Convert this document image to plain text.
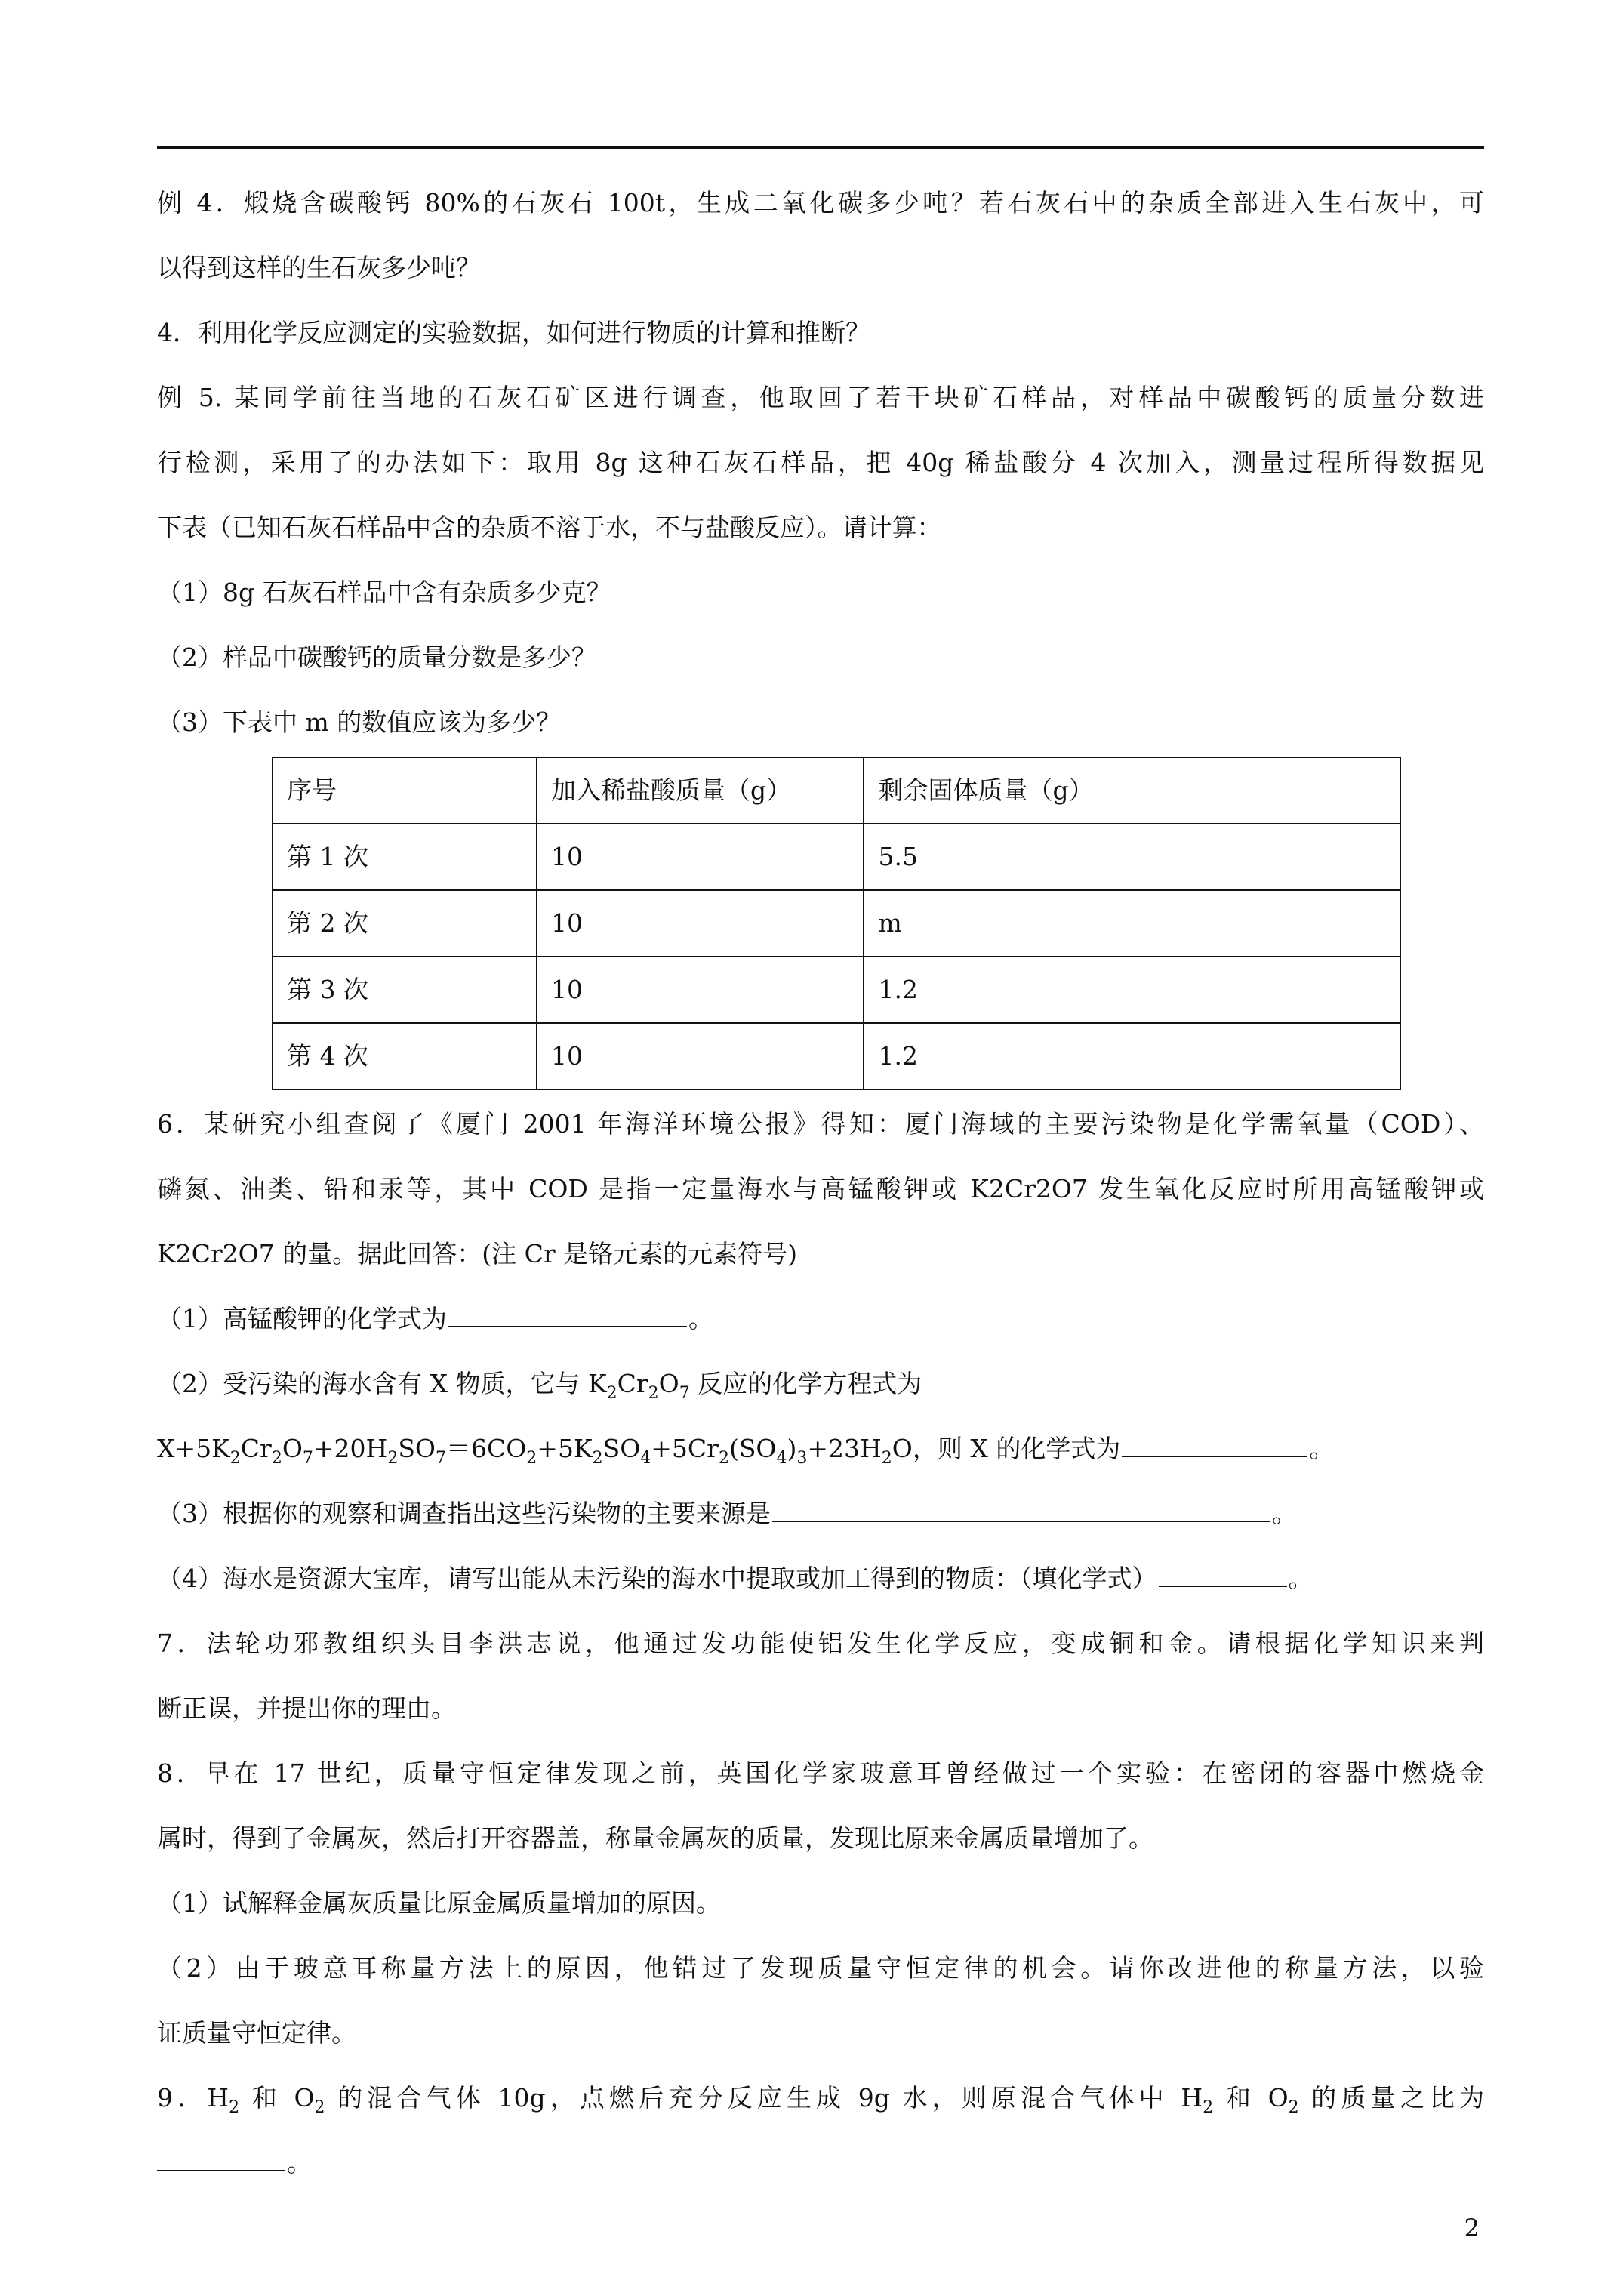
例 4．煅烧含碳酸钙 80%的石灰石 100t，生成二氧化碳多少吨？若石灰石中的杂质全部进入生石灰中，可

以得到这样的生石灰多少吨？

4．利用化学反应测定的实验数据，如何进行物质的计算和推断？

例 5. 某同学前往当地的石灰石矿区进行调查，他取回了若干块矿石样品，对样品中碳酸钙的质量分数进

行检测，采用了的办法如下：取用 8g 这种石灰石样品，把 40g 稀盐酸分 4 次加入，测量过程所得数据见

下表（已知石灰石样品中含的杂质不溶于水，不与盐酸反应）。请计算：

（1）8g 石灰石样品中含有杂质多少克？

（2）样品中碳酸钙的质量分数是多少？

（3）下表中 m 的数值应该为多少？

序号	加入稀盐酸质量（g）	剩余固体质量（g）
第 1 次	10	5.5
第 2 次	10	m
第 3 次	10	1.2
第 4 次	10	1.2

6．某研究小组查阅了《厦门 2001 年海洋环境公报》得知：厦门海域的主要污染物是化学需氧量（COD）、

磷氮、油类、铅和汞等，其中 COD 是指一定量海水与高锰酸钾或 K2Cr2O7 发生氧化反应时所用高锰酸钾或

K2Cr2O7 的量。据此回答：(注 Cr 是铬元素的元素符号)

（1）高锰酸钾的化学式为	。

（2）受污染的海水含有 X 物质，它与 $K_2Cr_2O_7$ 反应的化学方程式为

$X+5K_2Cr_2O_7+20H_2SO_7=6CO_2+5K_2SO_4+5Cr_2(SO_4)_3+23H_2O$，则 X 的化学式为	。

（3）根据你的观察和调查指出这些污染物的主要来源是	。

（4）海水是资源大宝库，请写出能从未污染的海水中提取或加工得到的物质：（填化学式）	。

7．法轮功邪教组织头目李洪志说，他通过发功能使铝发生化学反应，变成铜和金。请根据化学知识来判

断正误，并提出你的理由。

8．早在 17 世纪，质量守恒定律发现之前，英国化学家玻意耳曾经做过一个实验：在密闭的容器中燃烧金

属时，得到了金属灰，然后打开容器盖，称量金属灰的质量，发现比原来金属质量增加了。

（1）试解释金属灰质量比原金属质量增加的原因。

（2）由于玻意耳称量方法上的原因，他错过了发现质量守恒定律的机会。请你改进他的称量方法，以验

证质量守恒定律。

9．$H_2$ 和 $O_2$ 的混合气体 10g，点燃后充分反应生成 9g 水，则原混合气体中 $H_2$ 和 $O_2$ 的质量之比为

。

2
